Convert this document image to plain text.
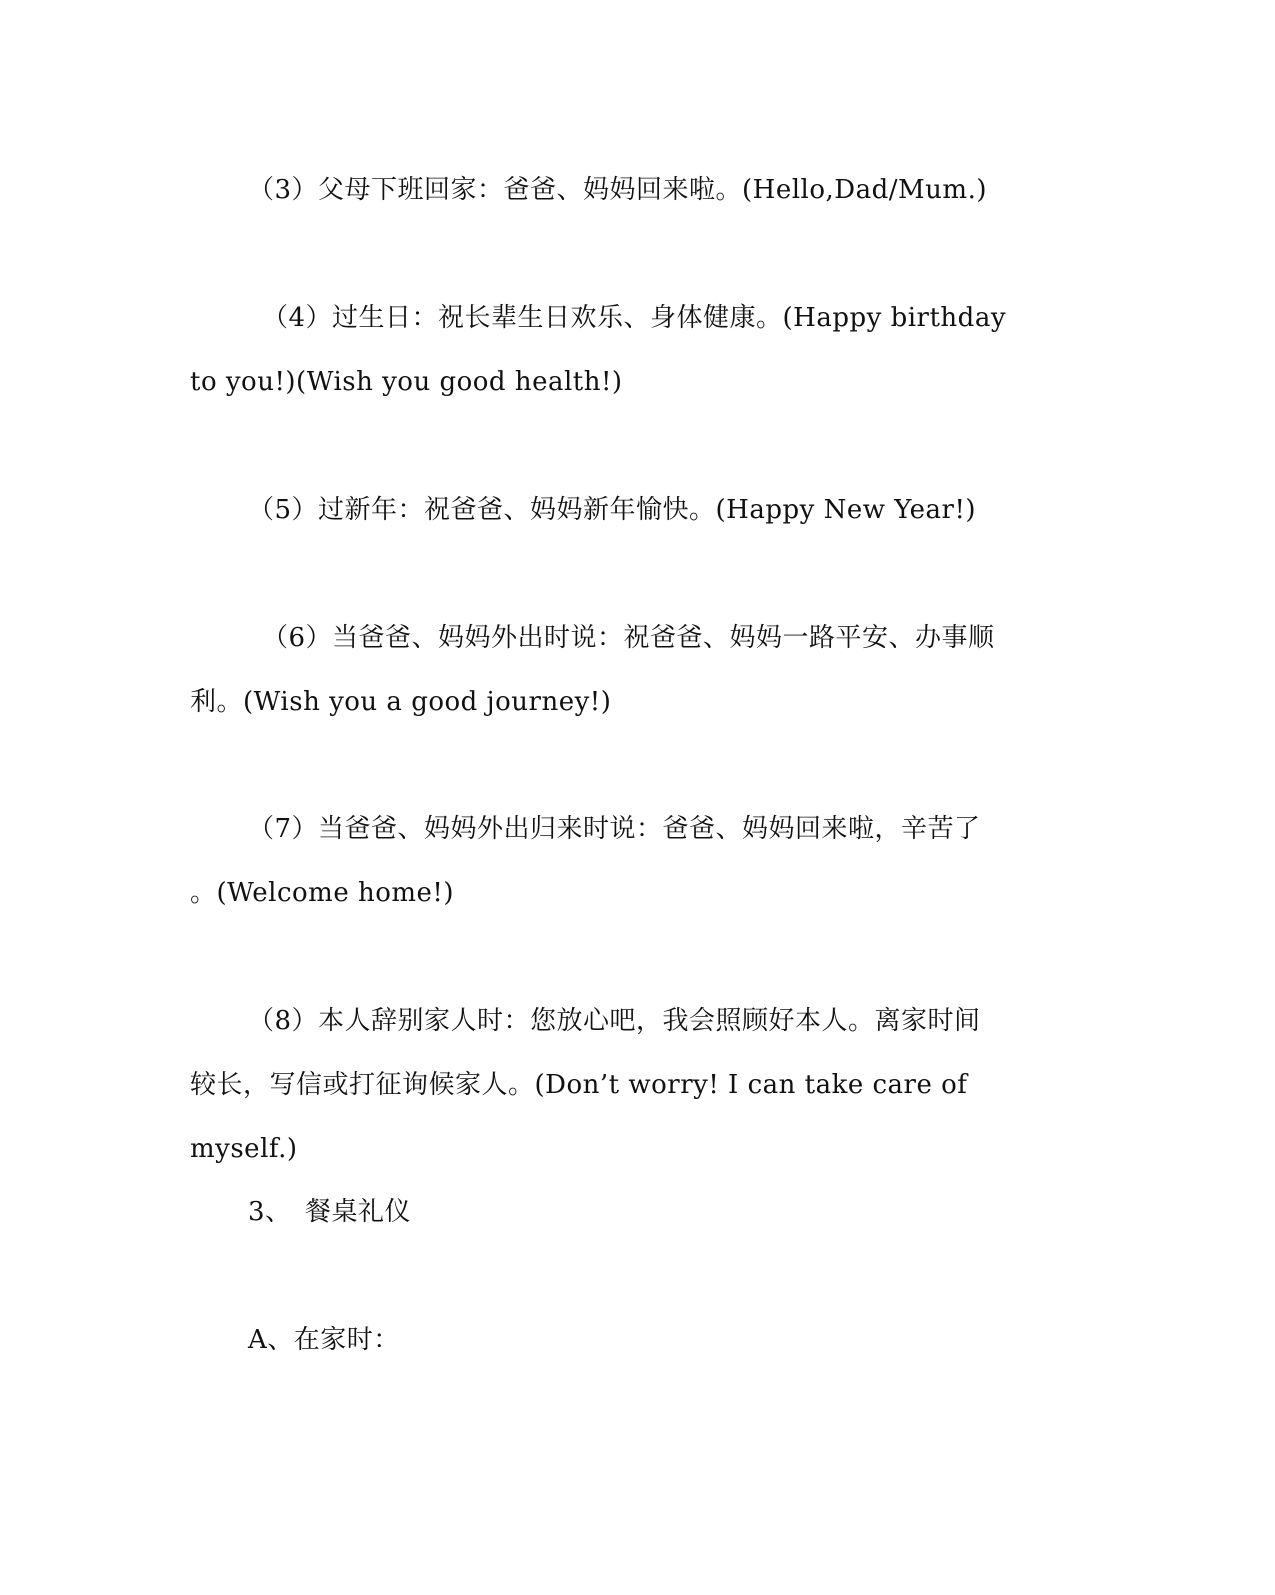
（3）父母下班回家：爸爸、妈妈回来啦。(Hello,Dad/Mum.)

（4）过生日：祝长辈生日欢乐、身体健康。(Happy birthday

to you!)(Wish you good health!)

（5）过新年：祝爸爸、妈妈新年愉快。(Happy New Year!)

（6）当爸爸、妈妈外出时说：祝爸爸、妈妈一路平安、办事顺

利。(Wish you a good journey!)

（7）当爸爸、妈妈外出归来时说：爸爸、妈妈回来啦，辛苦了

。(Welcome home!)

（8）本人辞别家人时：您放心吧，我会照顾好本人。离家时间

较长，写信或打征询候家人。(Don’t worry! I can take care of

myself.)

3、　餐桌礼仪

A、在家时：
